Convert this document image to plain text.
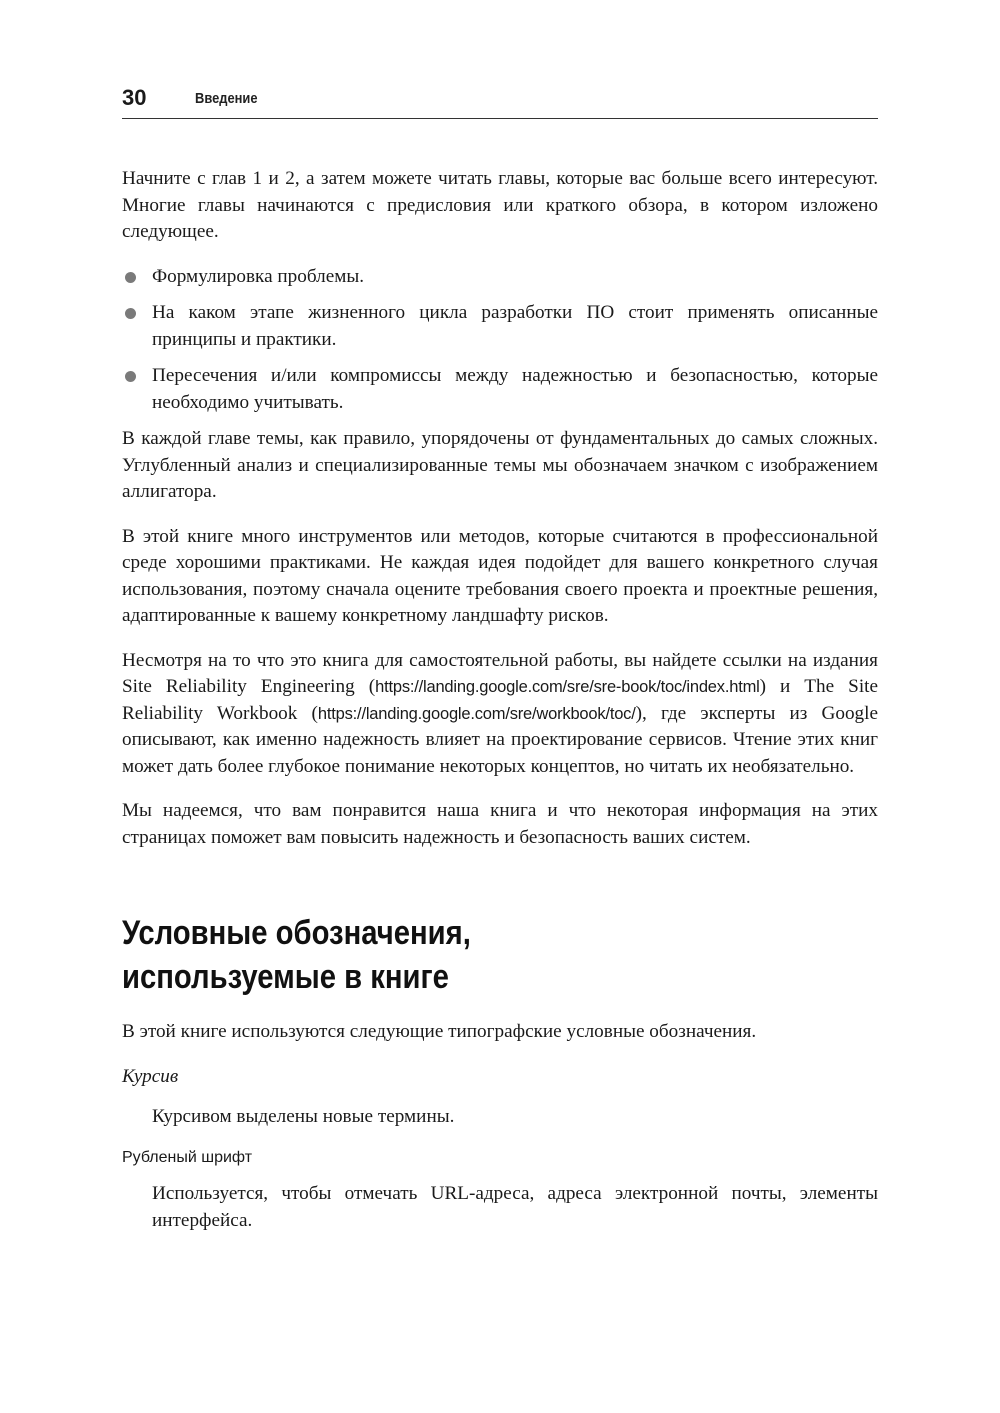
30	Введение

Начните с глав 1 и 2, а затем можете читать главы, которые вас больше всего интересуют. Многие главы начинаются с предисловия или краткого обзора, в котором изложено следующее.

Формулировка проблемы.
На каком этапе жизненного цикла разработки ПО стоит применять описанные принципы и практики.
Пересечения и/или компромиссы между надежностью и безопасностью, которые необходимо учитывать.

В каждой главе темы, как правило, упорядочены от фундаментальных до самых сложных. Углубленный анализ и специализированные темы мы обозначаем значком с изображением аллигатора.

В этой книге много инструментов или методов, которые считаются в профессиональной среде хорошими практиками. Не каждая идея подойдет для вашего конкретного случая использования, поэтому сначала оцените требования своего проекта и проектные решения, адаптированные к вашему конкретному ландшафту рисков.

Несмотря на то что это книга для самостоятельной работы, вы найдете ссылки на издания Site Reliability Engineering (https://landing.google.com/sre/sre-book/toc/index.html) и The Site Reliability Workbook (https://landing.google.com/sre/workbook/toc/), где эксперты из Google описывают, как именно надежность влияет на проектирование сервисов. Чтение этих книг может дать более глубокое понимание некоторых концептов, но читать их необязательно.

Мы надеемся, что вам понравится наша книга и что некоторая информация на этих страницах поможет вам повысить надежность и безопасность ваших систем.

Условные обозначения,
используемые в книге

В этой книге используются следующие типографские условные обозначения.

Курсив
Курсивом выделены новые термины.
Рубленый шрифт
Используется, чтобы отмечать URL-адреса, адреса электронной почты, элементы интерфейса.
